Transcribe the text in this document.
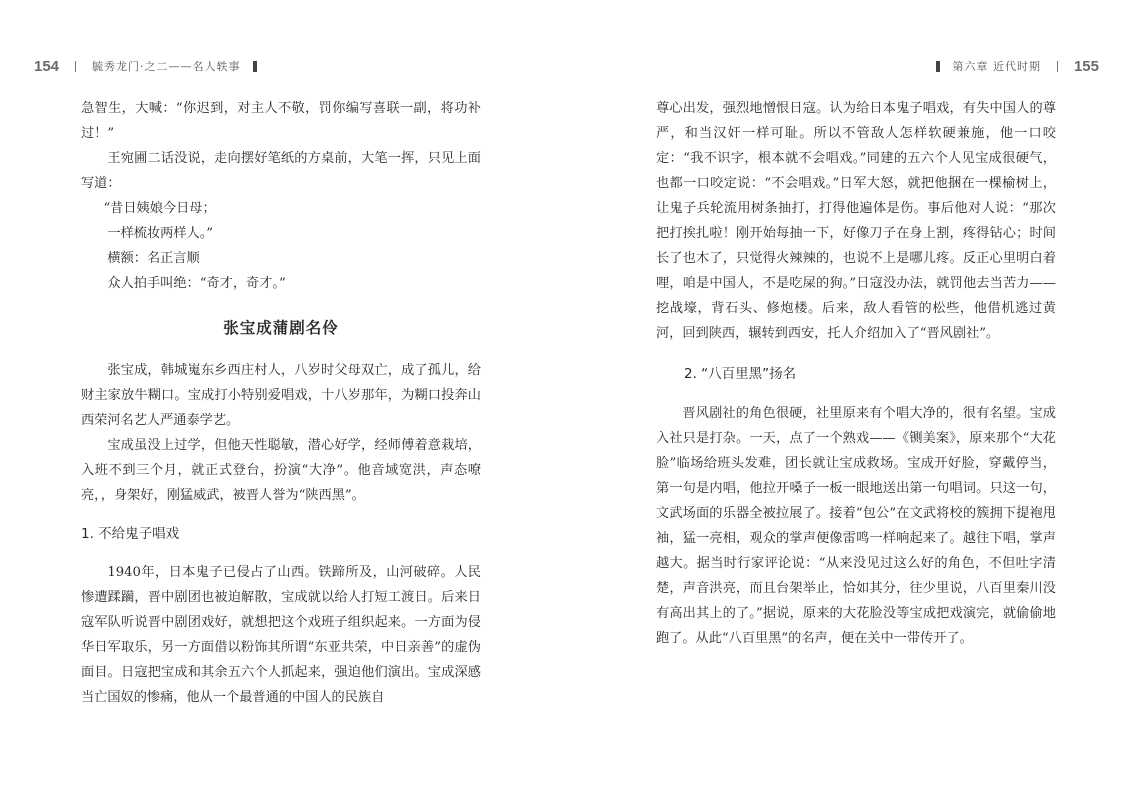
154	毓秀龙门·之二——名人轶事	第六章 近代时期 155

急智生，大喊：“你迟到，对主人不敬，罚你编写喜联一副，将功补过！”

王宛圃二话没说，走向摆好笔纸的方桌前，大笔一挥，只见上面写道：

“昔日姨娘今日母；

一样梳妆两样人。”

横额：名正言顺

众人拍手叫绝：“奇才，奇才。”

张宝成蒲剧名伶

张宝成，韩城嵬东乡西庄村人，八岁时父母双亡，成了孤儿，给财主家放牛糊口。宝成打小特别爱唱戏，十八岁那年，为糊口投奔山西荣河名艺人严通泰学艺。

宝成虽没上过学，但他天性聪敏，潜心好学，经师傅着意栽培，入班不到三个月，就正式登台，扮演“大净”。他音域宽洪，声态嘹亮，，身架好，刚猛威武，被晋人誉为“陕西黑”。

1. 不给鬼子唱戏

1940年，日本鬼子已侵占了山西。铁蹄所及，山河破碎。人民惨遭蹂躏，晋中剧团也被迫解散，宝成就以给人打短工渡日。后来日寇军队听说晋中剧团戏好，就想把这个戏班子组织起来。一方面为侵华日军取乐，另一方面借以粉饰其所谓“东亚共荣，中日亲善”的虚伪面目。日寇把宝成和其余五六个人抓起来，强迫他们演出。宝成深感当亡国奴的惨痛，他从一个最普通的中国人的民族自

尊心出发，强烈地憎恨日寇。认为给日本鬼子唱戏，有失中国人的尊严，和当汉奸一样可耻。所以不管敌人怎样软硬兼施，他一口咬定：“我不识字，根本就不会唱戏。”同建的五六个人见宝成很硬气，也都一口咬定说：“不会唱戏。”日军大怒，就把他捆在一棵榆树上，让鬼子兵轮流用树条抽打，打得他遍体是伤。事后他对人说：“那次把打挨扎啦！刚开始每抽一下，好像刀子在身上割，疼得钻心；时间长了也木了，只觉得火辣辣的，也说不上是哪儿疼。反正心里明白着哩，咱是中国人，不是吃屎的狗。”日寇没办法，就罚他去当苦力——挖战壕，背石头、修炮楼。后来，敌人看管的松些，他借机逃过黄河，回到陕西，辗转到西安，托人介绍加入了“晋风剧社”。

2. “八百里黑”扬名

晋风剧社的角色很硬，社里原来有个唱大净的，很有名望。宝成入社只是打杂。一天，点了一个熟戏——《铡美案》，原来那个“大花脸”临场给班头发难，团长就让宝成救场。宝成开好脸，穿戴停当，第一句是内唱，他拉开嗓子一板一眼地送出第一句唱词。只这一句，文武场面的乐器全被拉展了。接着“包公”在文武将校的簇拥下提袍甩袖，猛一亮相，观众的掌声便像雷鸣一样响起来了。越往下唱，掌声越大。据当时行家评论说：“从来没见过这么好的角色，不但吐字清楚，声音洪亮，而且台架举止，恰如其分，往少里说，八百里秦川没有高出其上的了。”据说，原来的大花脸没等宝成把戏演完，就偷偷地跑了。从此“八百里黑”的名声，便在关中一带传开了。
